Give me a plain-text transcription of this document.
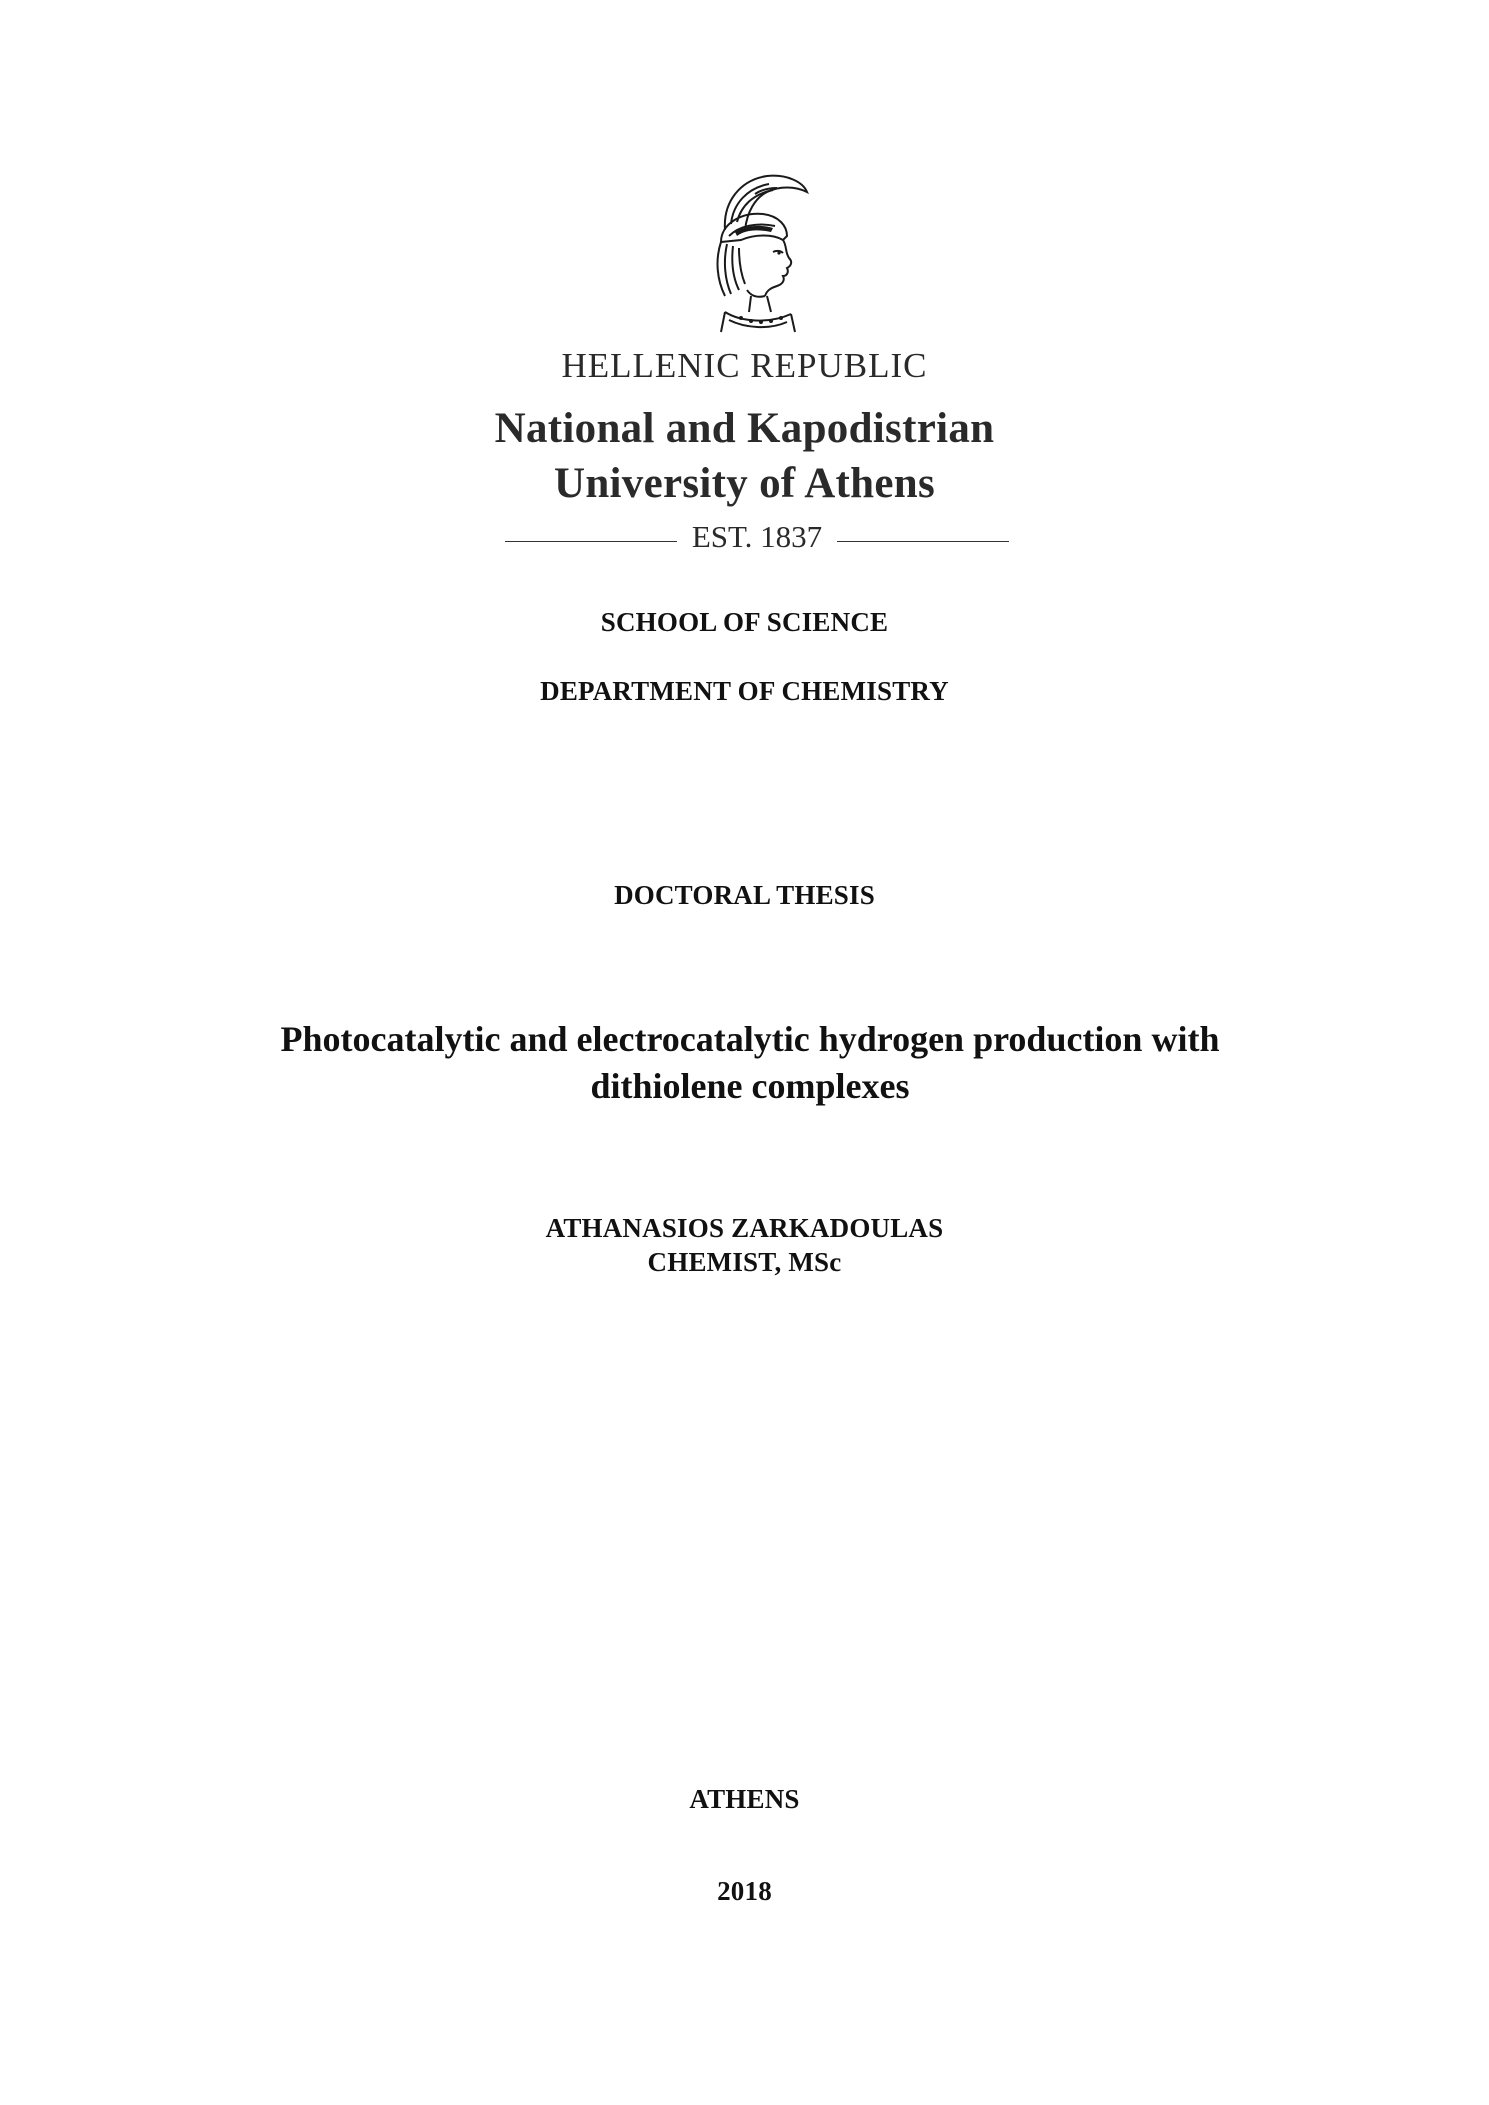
HELLENIC REPUBLIC
National and Kapodistrian
University of Athens
EST. 1837
SCHOOL OF SCIENCE
DEPARTMENT OF CHEMISTRY
DOCTORAL THESIS
Photocatalytic and electrocatalytic hydrogen production with
dithiolene complexes
ATHANASIOS ZARKADOULAS
CHEMIST, MSc
ATHENS
2018
